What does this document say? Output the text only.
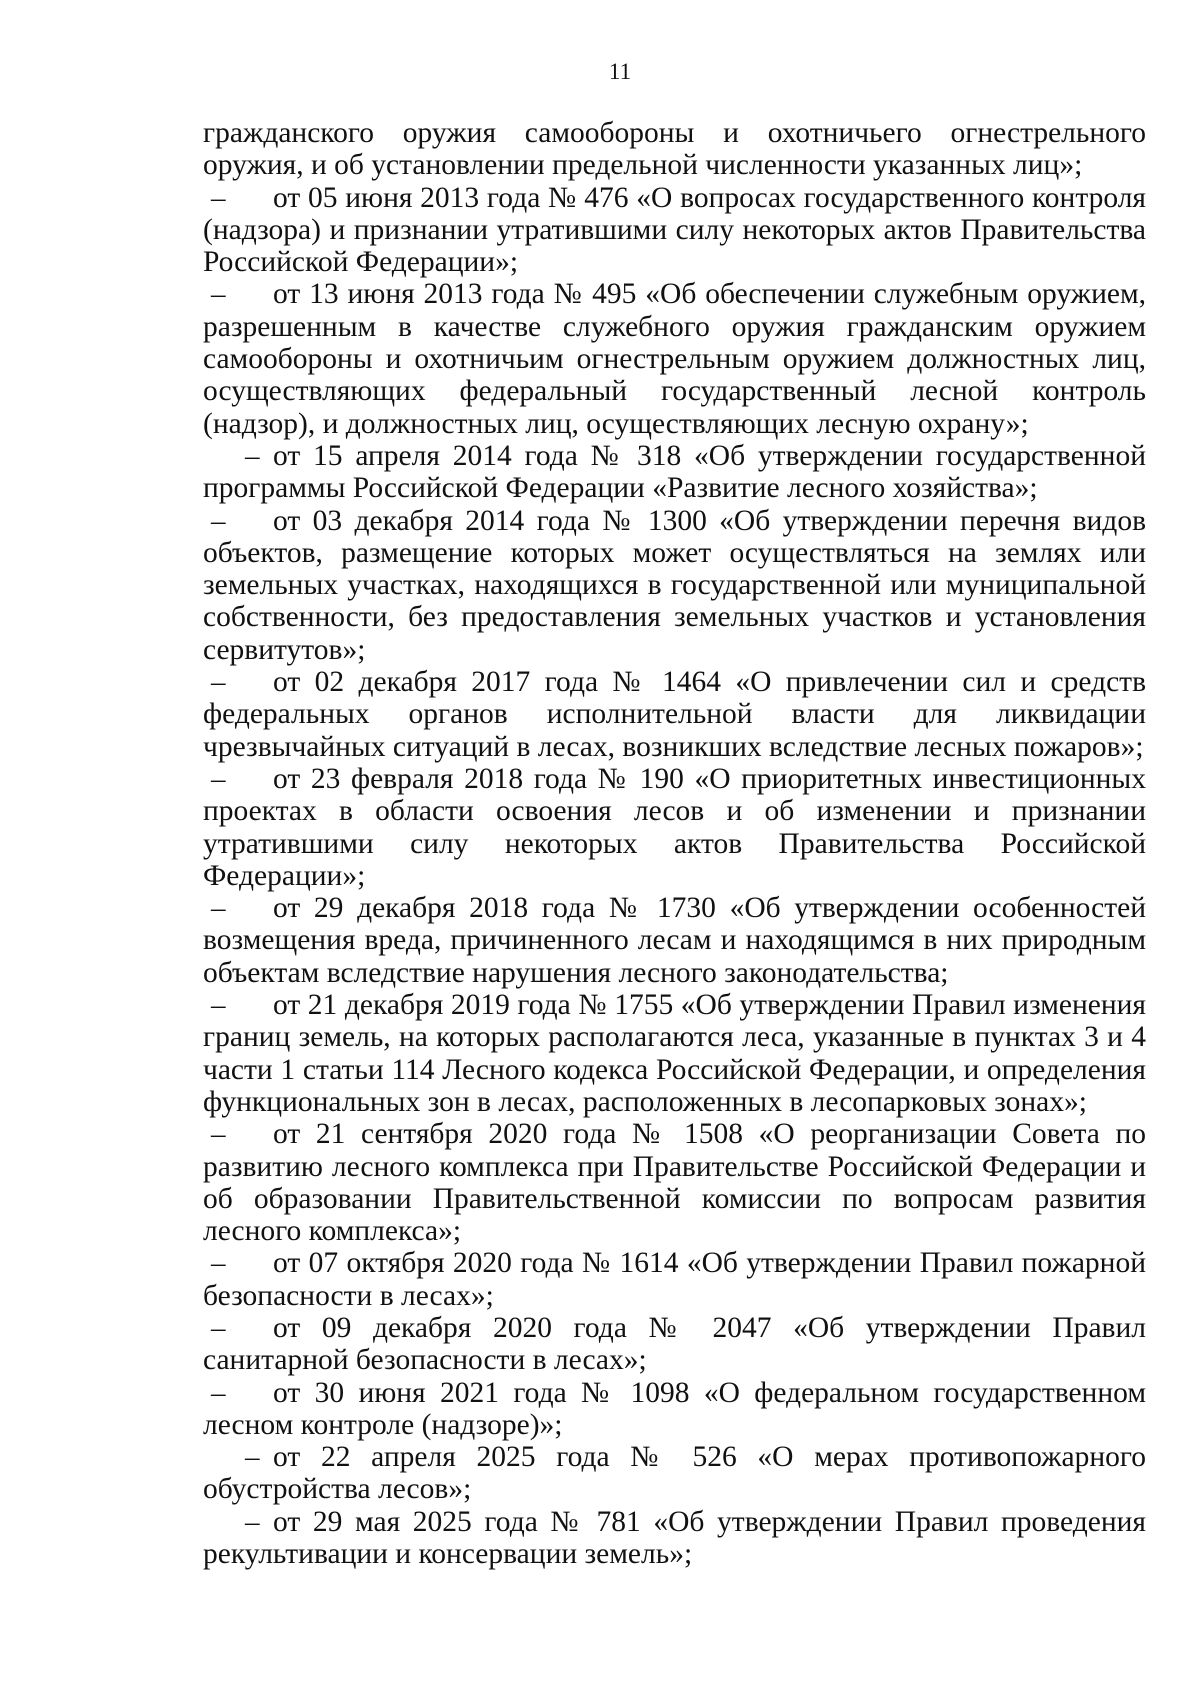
11

гражданского оружия самообороны и охотничьего огнестрельного оружия, и об установлении предельной численности указанных лиц»;

– от 05 июня 2013 года № 476 «О вопросах государственного контроля (надзора) и признании утратившими силу некоторых актов Правительства Российской Федерации»;

– от 13 июня 2013 года № 495 «Об обеспечении служебным оружием, разрешенным в качестве служебного оружия гражданским оружием самообороны и охотничьим огнестрельным оружием должностных лиц, осуществляющих федеральный государственный лесной контроль (надзор), и должностных лиц, осуществляющих лесную охрану»;

– от 15 апреля 2014 года № 318 «Об утверждении государственной программы Российской Федерации «Развитие лесного хозяйства»;

– от 03 декабря 2014 года № 1300 «Об утверждении перечня видов объектов, размещение которых может осуществляться на землях или земельных участках, находящихся в государственной или муниципальной собственности, без предоставления земельных участков и установления сервитутов»;

– от 02 декабря 2017 года № 1464 «О привлечении сил и средств федеральных органов исполнительной власти для ликвидации чрезвычайных ситуаций в лесах, возникших вследствие лесных пожаров»;

– от 23 февраля 2018 года № 190 «О приоритетных инвестиционных проектах в области освоения лесов и об изменении и признании утратившими силу некоторых актов Правительства Российской Федерации»;

– от 29 декабря 2018 года № 1730 «Об утверждении особенностей возмещения вреда, причиненного лесам и находящимся в них природным объектам вследствие нарушения лесного законодательства;

– от 21 декабря 2019 года № 1755 «Об утверждении Правил изменения границ земель, на которых располагаются леса, указанные в пунктах 3 и 4 части 1 статьи 114 Лесного кодекса Российской Федерации, и определения функциональных зон в лесах, расположенных в лесопарковых зонах»;

– от 21 сентября 2020 года № 1508 «О реорганизации Совета по развитию лесного комплекса при Правительстве Российской Федерации и об образовании Правительственной комиссии по вопросам развития лесного комплекса»;

– от 07 октября 2020 года № 1614 «Об утверждении Правил пожарной безопасности в лесах»;

– от 09 декабря 2020 года № 2047 «Об утверждении Правил санитарной безопасности в лесах»;

– от 30 июня 2021 года № 1098 «О федеральном государственном лесном контроле (надзоре)»;

– от 22 апреля 2025 года № 526 «О мерах противопожарного обустройства лесов»;

– от 29 мая 2025 года № 781 «Об утверждении Правил проведения рекультивации и консервации земель»;
